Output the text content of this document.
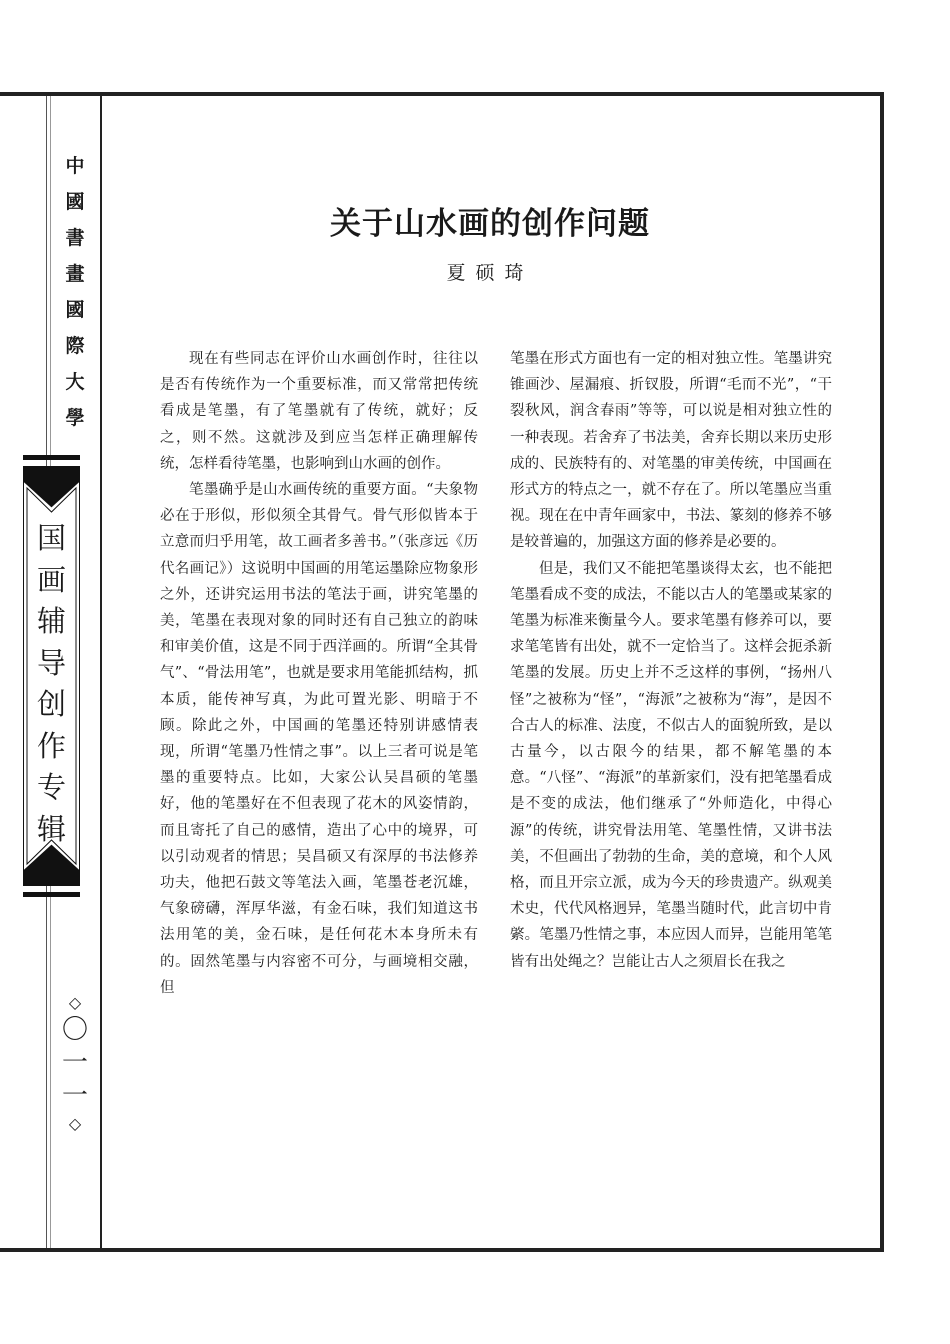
中
國
書
畫
國
際
大
學
国
画
辅
导
创
作
专
辑
◇
〇
一
一
◇
关于山水画的创作问题
夏硕琦

现在有些同志在评价山水画创作时，往往以是否有传统作为一个重要标准，而又常常把传统看成是笔墨，有了笔墨就有了传统，就好；反之，则不然。这就涉及到应当怎样正确理解传统，怎样看待笔墨，也影响到山水画的创作。

笔墨确乎是山水画传统的重要方面。“夫象物必在于形似，形似须全其骨气。骨气形似皆本于立意而归乎用笔，故工画者多善书。”（张彦远《历代名画记》）这说明中国画的用笔运墨除应物象形之外，还讲究运用书法的笔法于画，讲究笔墨的美，笔墨在表现对象的同时还有自己独立的韵味和审美价值，这是不同于西洋画的。所谓“全其骨气”、“骨法用笔”，也就是要求用笔能抓结构，抓本质，能传神写真，为此可置光影、明暗于不顾。除此之外，中国画的笔墨还特别讲感情表现，所谓“笔墨乃性情之事”。以上三者可说是笔墨的重要特点。比如，大家公认吴昌硕的笔墨好，他的笔墨好在不但表现了花木的风姿情韵，而且寄托了自己的感情，造出了心中的境界，可以引动观者的情思；吴昌硕又有深厚的书法修养功夫，他把石鼓文等笔法入画，笔墨苍老沉雄，气象磅礴，浑厚华滋，有金石味，我们知道这书法用笔的美，金石味，是任何花木本身所未有的。固然笔墨与内容密不可分，与画境相交融，但

笔墨在形式方面也有一定的相对独立性。笔墨讲究锥画沙、屋漏痕、折钗股，所谓“毛而不光”，“干裂秋风，润含春雨”等等，可以说是相对独立性的一种表现。若舍弃了书法美，舍弃长期以来历史形成的、民族特有的、对笔墨的审美传统，中国画在形式方的特点之一，就不存在了。所以笔墨应当重视。现在在中青年画家中，书法、篆刻的修养不够是较普遍的，加强这方面的修养是必要的。

但是，我们又不能把笔墨谈得太玄，也不能把笔墨看成不变的成法，不能以古人的笔墨或某家的笔墨为标准来衡量今人。要求笔墨有修养可以，要求笔笔皆有出处，就不一定恰当了。这样会扼杀新笔墨的发展。历史上并不乏这样的事例，“扬州八怪”之被称为“怪”，“海派”之被称为“海”，是因不合古人的标准、法度，不似古人的面貌所致，是以古量今，以古限今的结果，都不解笔墨的本意。“八怪”、“海派”的革新家们，没有把笔墨看成是不变的成法，他们继承了“外师造化，中得心源”的传统，讲究骨法用笔、笔墨性情，又讲书法美，不但画出了勃勃的生命，美的意境，和个人风格，而且开宗立派，成为今天的珍贵遗产。纵观美术史，代代风格迥异，笔墨当随时代，此言切中肯綮。笔墨乃性情之事，本应因人而异，岂能用笔笔皆有出处绳之？岂能让古人之须眉长在我之
